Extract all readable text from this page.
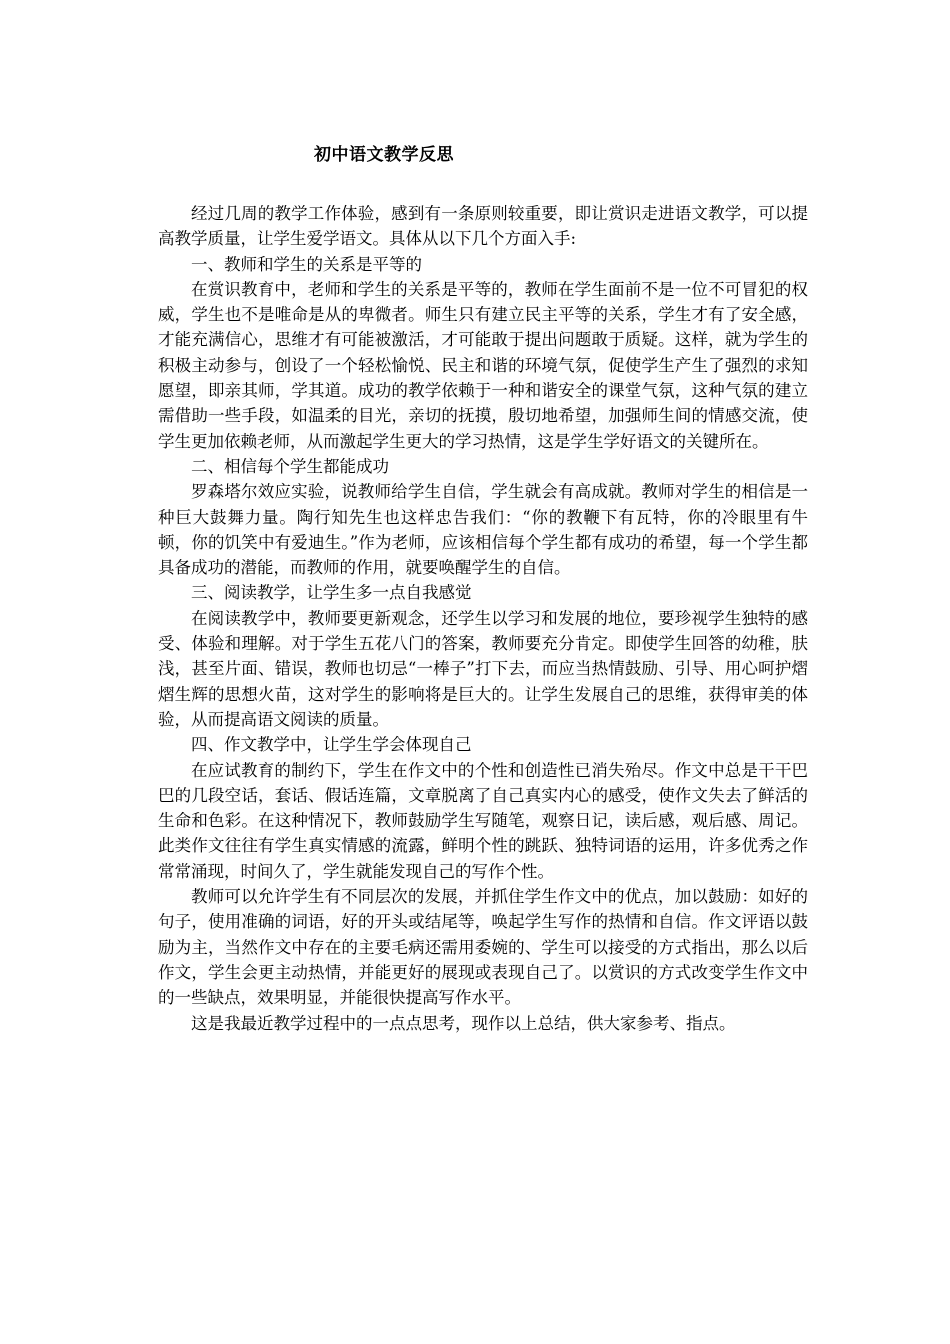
初中语文教学反思

经过几周的教学工作体验，感到有一条原则较重要，即让赏识走进语文教学，可以提高教学质量，让学生爱学语文。具体从以下几个方面入手:

一、教师和学生的关系是平等的

在赏识教育中，老师和学生的关系是平等的，教师在学生面前不是一位不可冒犯的权威，学生也不是唯命是从的卑微者。师生只有建立民主平等的关系，学生才有了安全感，才能充满信心，思维才有可能被激活，才可能敢于提出问题敢于质疑。这样，就为学生的积极主动参与，创设了一个轻松愉悦、民主和谐的环境气氛，促使学生产生了强烈的求知愿望，即亲其师，学其道。成功的教学依赖于一种和谐安全的课堂气氛，这种气氛的建立需借助一些手段，如温柔的目光，亲切的抚摸，殷切地希望，加强师生间的情感交流，使学生更加依赖老师，从而激起学生更大的学习热情，这是学生学好语文的关键所在。

二、相信每个学生都能成功

罗森塔尔效应实验，说教师给学生自信，学生就会有高成就。教师对学生的相信是一种巨大鼓舞力量。陶行知先生也这样忠告我们：“你的教鞭下有瓦特，你的冷眼里有牛顿，你的饥笑中有爱迪生。”作为老师，应该相信每个学生都有成功的希望，每一个学生都具备成功的潜能，而教师的作用，就要唤醒学生的自信。

三、阅读教学，让学生多一点自我感觉

在阅读教学中，教师要更新观念，还学生以学习和发展的地位，要珍视学生独特的感受、体验和理解。对于学生五花八门的答案，教师要充分肯定。即使学生回答的幼稚，肤浅，甚至片面、错误，教师也切忌“一棒子”打下去，而应当热情鼓励、引导、用心呵护熠熠生辉的思想火苗，这对学生的影响将是巨大的。让学生发展自己的思维，获得审美的体验，从而提高语文阅读的质量。

四、作文教学中，让学生学会体现自己

在应试教育的制约下，学生在作文中的个性和创造性已消失殆尽。作文中总是干干巴巴的几段空话，套话、假话连篇，文章脱离了自己真实内心的感受，使作文失去了鲜活的生命和色彩。在这种情况下，教师鼓励学生写随笔，观察日记，读后感，观后感、周记。此类作文往往有学生真实情感的流露，鲜明个性的跳跃、独特词语的运用，许多优秀之作常常涌现，时间久了，学生就能发现自己的写作个性。

教师可以允许学生有不同层次的发展，并抓住学生作文中的优点，加以鼓励：如好的句子，使用准确的词语，好的开头或结尾等，唤起学生写作的热情和自信。作文评语以鼓励为主，当然作文中存在的主要毛病还需用委婉的、学生可以接受的方式指出，那么以后作文，学生会更主动热情，并能更好的展现或表现自己了。以赏识的方式改变学生作文中的一些缺点，效果明显，并能很快提高写作水平。

这是我最近教学过程中的一点点思考，现作以上总结，供大家参考、指点。
